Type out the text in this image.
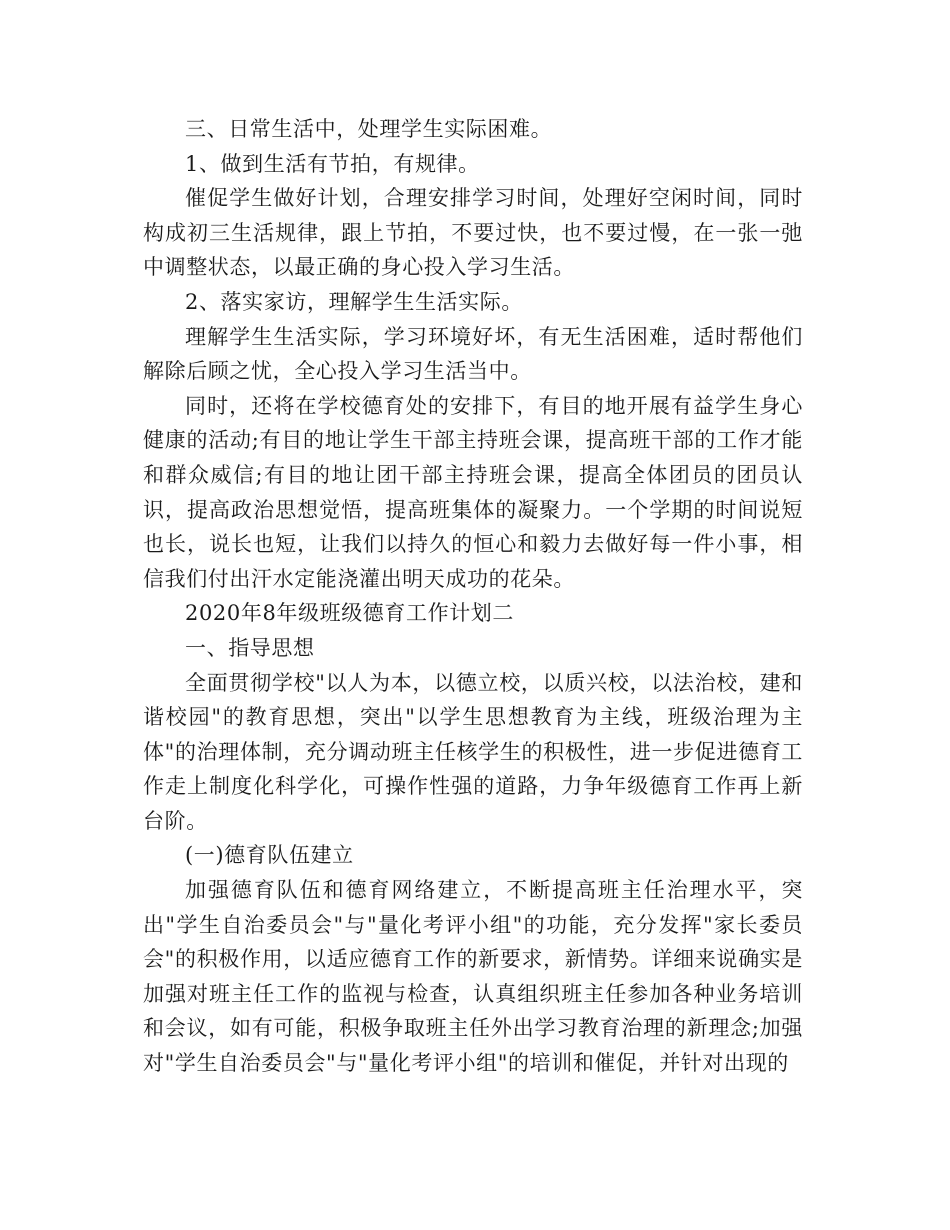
三、日常生活中，处理学生实际困难。

1、做到生活有节拍，有规律。

催促学生做好计划，合理安排学习时间，处理好空闲时间，同时构成初三生活规律，跟上节拍，不要过快，也不要过慢，在一张一弛中调整状态，以最正确的身心投入学习生活。

2、落实家访，理解学生生活实际。

理解学生生活实际，学习环境好坏，有无生活困难，适时帮他们解除后顾之忧，全心投入学习生活当中。

同时，还将在学校德育处的安排下，有目的地开展有益学生身心健康的活动;有目的地让学生干部主持班会课，提高班干部的工作才能和群众威信;有目的地让团干部主持班会课，提高全体团员的团员认识，提高政治思想觉悟，提高班集体的凝聚力。一个学期的时间说短也长，说长也短，让我们以持久的恒心和毅力去做好每一件小事，相信我们付出汗水定能浇灌出明天成功的花朵。

2020年8年级班级德育工作计划二

一、指导思想

全面贯彻学校"以人为本，以德立校，以质兴校，以法治校，建和谐校园"的教育思想，突出"以学生思想教育为主线，班级治理为主体"的治理体制，充分调动班主任核学生的积极性，进一步促进德育工作走上制度化科学化，可操作性强的道路，力争年级德育工作再上新台阶。

(一)德育队伍建立

加强德育队伍和德育网络建立，不断提高班主任治理水平，突出"学生自治委员会"与"量化考评小组"的功能，充分发挥"家长委员会"的积极作用，以适应德育工作的新要求，新情势。详细来说确实是加强对班主任工作的监视与检查，认真组织班主任参加各种业务培训和会议，如有可能，积极争取班主任外出学习教育治理的新理念;加强对"学生自治委员会"与"量化考评小组"的培训和催促，并针对出现的
